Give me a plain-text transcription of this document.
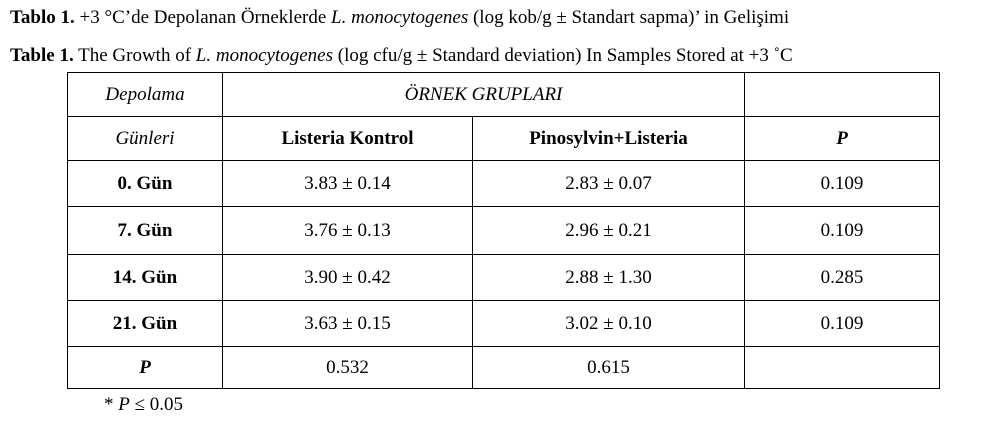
Tablo 1. +3 °C’de Depolanan Örneklerde L. monocytogenes (log kob/g ± Standart sapma)’ in Gelişimi
Table 1. The Growth of L. monocytogenes (log cfu/g ± Standard deviation) In Samples Stored at +3 ˚C
Depolama	ÖRNEK GRUPLARI		
Günleri	Listeria Kontrol	Pinosylvin+Listeria	P
0. Gün	3.83 ± 0.14	2.83 ± 0.07	0.109
7. Gün	3.76 ± 0.13	2.96 ± 0.21	0.109
14. Gün	3.90 ± 0.42	2.88 ± 1.30	0.285
21. Gün	3.63 ± 0.15	3.02 ± 0.10	0.109
P	0.532	0.615	
* P ≤ 0.05
